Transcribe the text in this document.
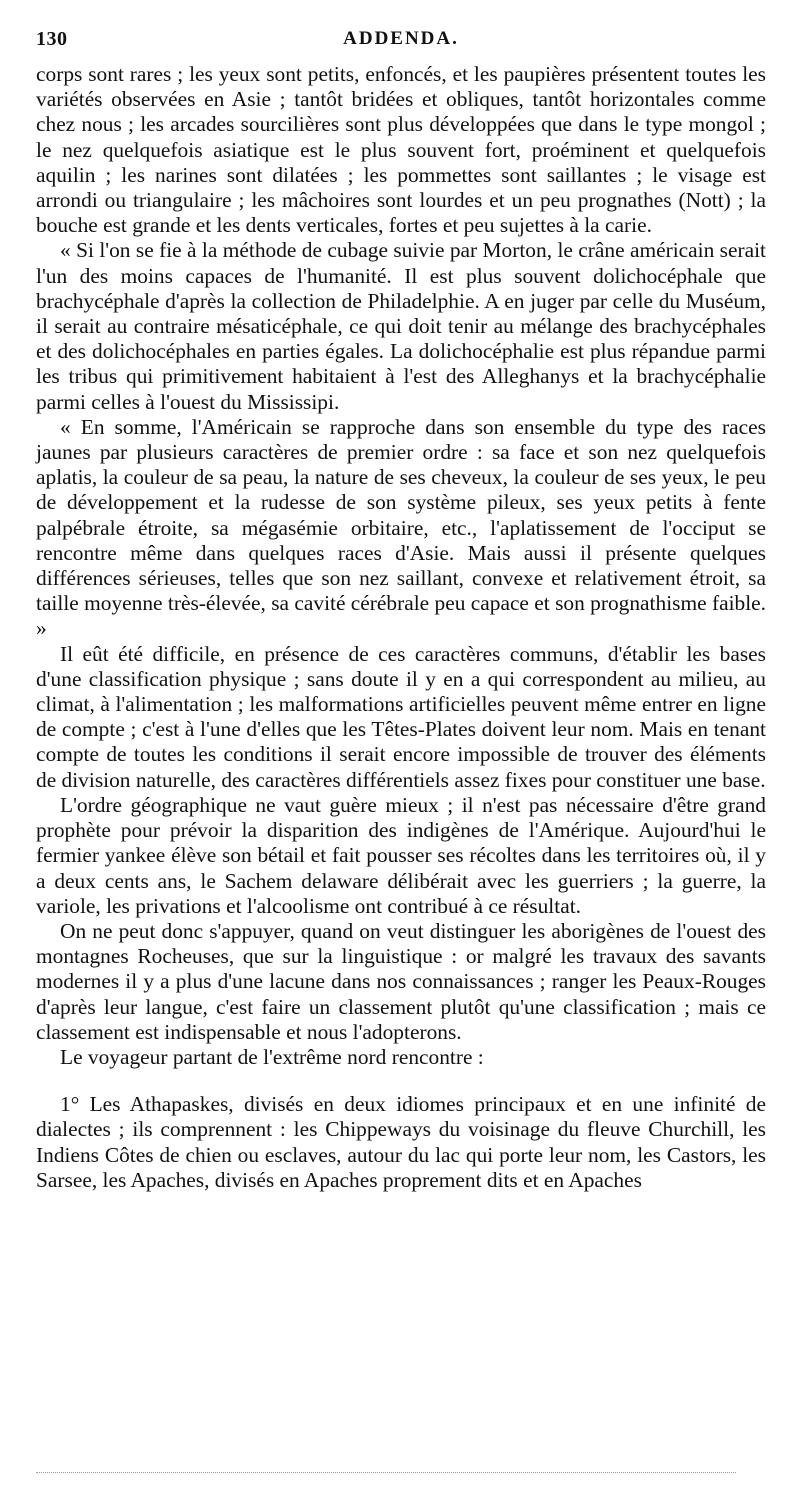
130	ADDENDA.

corps sont rares ; les yeux sont petits, enfoncés, et les paupières présentent toutes les variétés observées en Asie ; tantôt bridées et obliques, tantôt horizontales comme chez nous ; les arcades sourcilières sont plus développées que dans le type mongol ; le nez quelquefois asiatique est le plus souvent fort, proéminent et quelquefois aquilin ; les narines sont dilatées ; les pommettes sont saillantes ; le visage est arrondi ou triangulaire ; les mâchoires sont lourdes et un peu prognathes (Nott) ; la bouche est grande et les dents verticales, fortes et peu sujettes à la carie.

« Si l'on se fie à la méthode de cubage suivie par Morton, le crâne américain serait l'un des moins capaces de l'humanité. Il est plus souvent dolichocéphale que brachycéphale d'après la collection de Philadelphie. A en juger par celle du Muséum, il serait au contraire mésaticéphale, ce qui doit tenir au mélange des brachycéphales et des dolichocéphales en parties égales. La dolichocéphalie est plus répandue parmi les tribus qui primitivement habitaient à l'est des Alleghanys et la brachycéphalie parmi celles à l'ouest du Mississipi.

« En somme, l'Américain se rapproche dans son ensemble du type des races jaunes par plusieurs caractères de premier ordre : sa face et son nez quelquefois aplatis, la couleur de sa peau, la nature de ses cheveux, la couleur de ses yeux, le peu de développement et la rudesse de son système pileux, ses yeux petits à fente palpébrale étroite, sa mégasémie orbitaire, etc., l'aplatissement de l'occiput se rencontre même dans quelques races d'Asie. Mais aussi il présente quelques différences sérieuses, telles que son nez saillant, convexe et relativement étroit, sa taille moyenne très-élevée, sa cavité cérébrale peu capace et son prognathisme faible. »

Il eût été difficile, en présence de ces caractères communs, d'établir les bases d'une classification physique ; sans doute il y en a qui correspondent au milieu, au climat, à l'alimentation ; les malformations artificielles peuvent même entrer en ligne de compte ; c'est à l'une d'elles que les Têtes-Plates doivent leur nom. Mais en tenant compte de toutes les conditions il serait encore impossible de trouver des éléments de division naturelle, des caractères différentiels assez fixes pour constituer une base.

L'ordre géographique ne vaut guère mieux ; il n'est pas nécessaire d'être grand prophète pour prévoir la disparition des indigènes de l'Amérique. Aujourd'hui le fermier yankee élève son bétail et fait pousser ses récoltes dans les territoires où, il y a deux cents ans, le Sachem delaware délibérait avec les guerriers ; la guerre, la variole, les privations et l'alcoolisme ont contribué à ce résultat.

On ne peut donc s'appuyer, quand on veut distinguer les aborigènes de l'ouest des montagnes Rocheuses, que sur la linguistique : or malgré les travaux des savants modernes il y a plus d'une lacune dans nos connaissances ; ranger les Peaux-Rouges d'après leur langue, c'est faire un classement plutôt qu'une classification ; mais ce classement est indispensable et nous l'adopterons.

Le voyageur partant de l'extrême nord rencontre :

1° Les Athapaskes, divisés en deux idiomes principaux et en une infinité de dialectes ; ils comprennent : les Chippeways du voisinage du fleuve Churchill, les Indiens Côtes de chien ou esclaves, autour du lac qui porte leur nom, les Castors, les Sarsee, les Apaches, divisés en Apaches proprement dits et en Apaches
